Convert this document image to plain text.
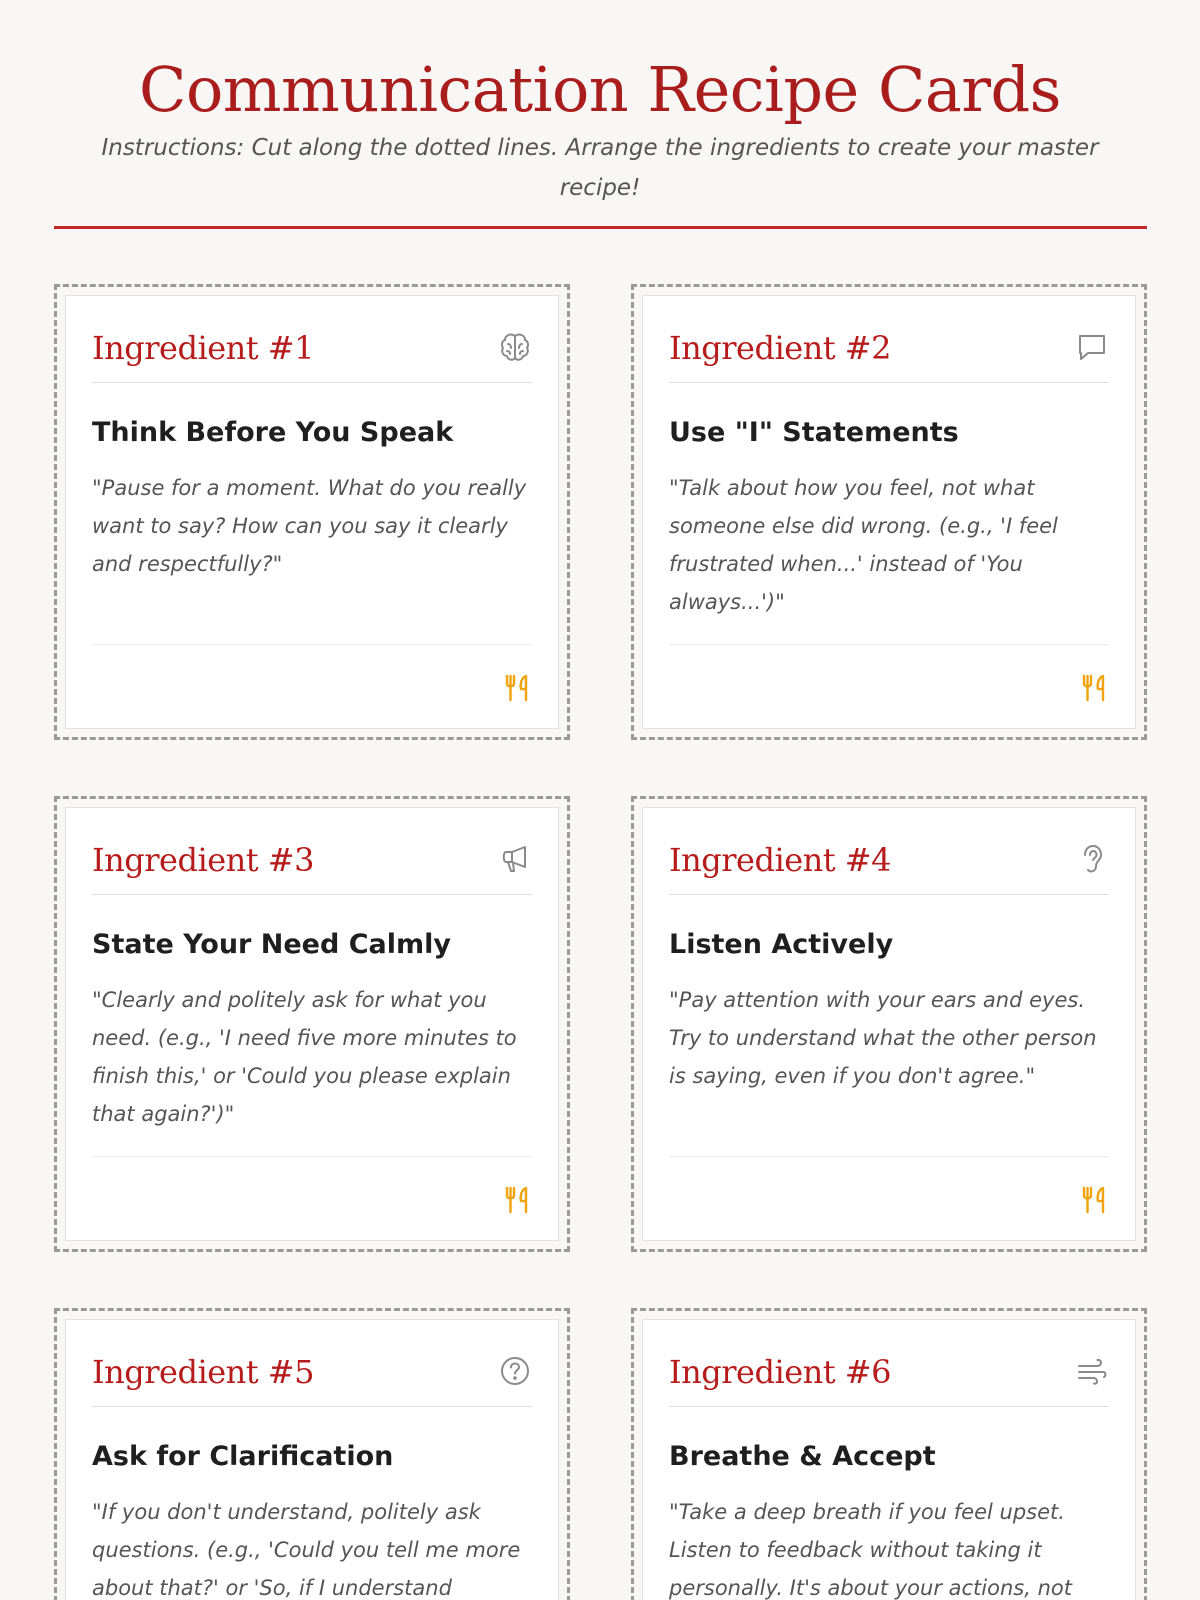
Communication Recipe Cards

Instructions: Cut along the dotted lines. Arrange the ingredients to create your master recipe!

Ingredient #1
Think Before You Speak

"Pause for a moment. What do you really want to say? How can you say it clearly and respectfully?"

Ingredient #2
Use "I" Statements

"Talk about how you feel, not what someone else did wrong. (e.g., 'I feel frustrated when...' instead of 'You always...')"

Ingredient #3
State Your Need Calmly

"Clearly and politely ask for what you need. (e.g., 'I need five more minutes to finish this,' or 'Could you please explain that again?')"

Ingredient #4
Listen Actively

"Pay attention with your ears and eyes. Try to understand what the other person is saying, even if you don't agree."

Ingredient #5
Ask for Clarification

"If you don't understand, politely ask questions. (e.g., 'Could you tell me more about that?' or 'So, if I understand

Ingredient #6
Breathe & Accept

"Take a deep breath if you feel upset. Listen to feedback without taking it personally. It's about your actions, not
